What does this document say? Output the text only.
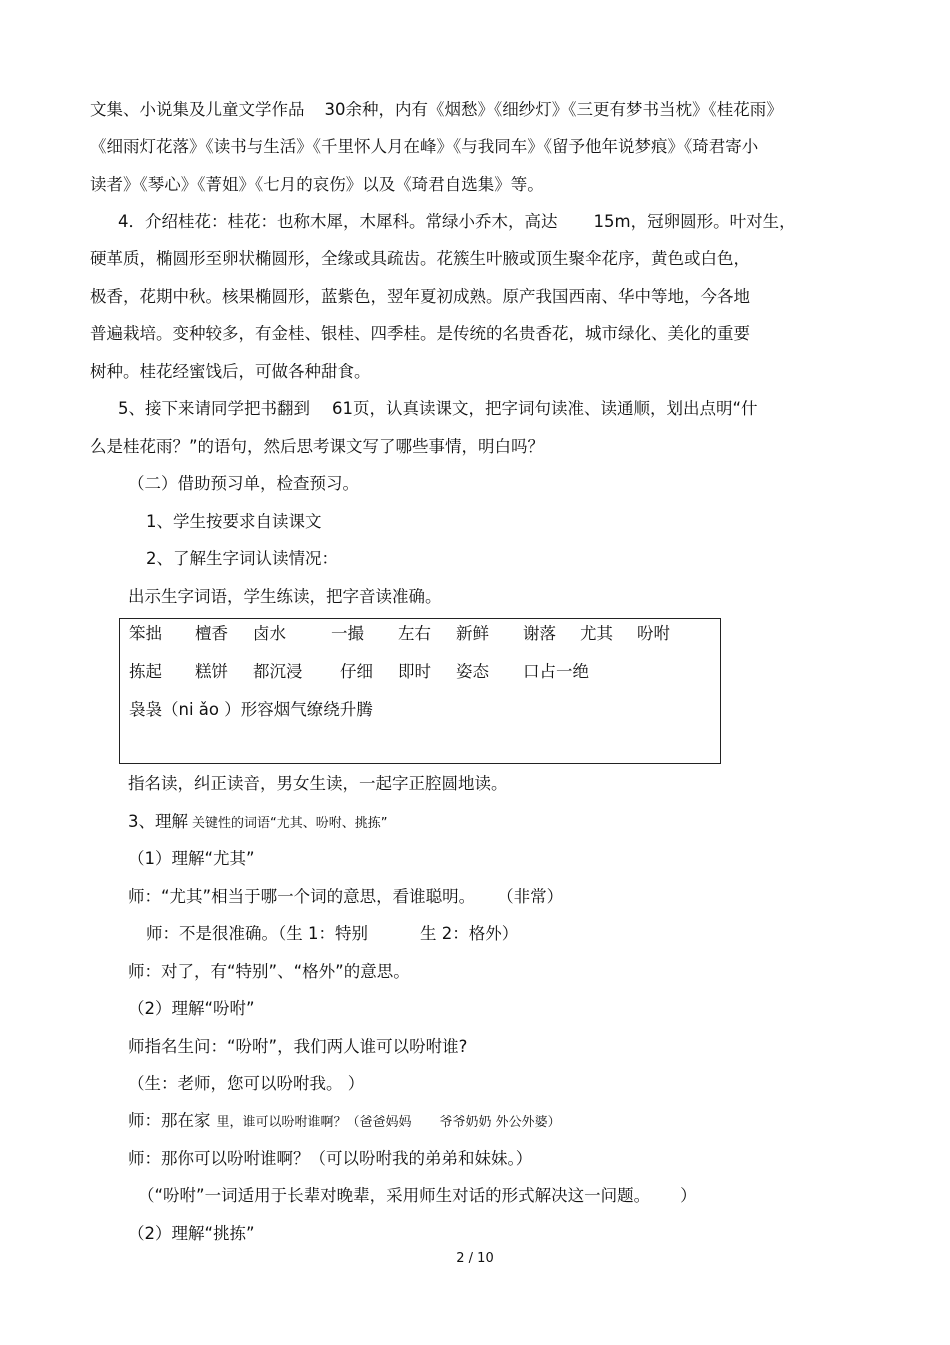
文集、小说集及儿童文学作品 30余种，内有《烟愁》《细纱灯》《三更有梦书当枕》《桂花雨》
《细雨灯花落》《读书与生活》《千里怀人月在峰》《与我同车》《留予他年说梦痕》《琦君寄小
读者》《琴心》《菁姐》《七月的哀伤》以及《琦君自选集》等。
4．介绍桂花：桂花：也称木犀，木犀科。常绿小乔木，高达 15m，冠卵圆形。叶对生，
硬革质，椭圆形至卵状椭圆形，全缘或具疏齿。花簇生叶腋或顶生聚伞花序，黄色或白色，
极香，花期中秋。核果椭圆形，蓝紫色，翌年夏初成熟。原产我国西南、华中等地，今各地
普遍栽培。变种较多，有金桂、银桂、四季桂。是传统的名贵香花，城市绿化、美化的重要
树种。桂花经蜜饯后，可做各种甜食。
5、接下来请同学把书翻到 61页，认真读课文，把字词句读准、读通顺，划出点明“什
么是桂花雨？”的语句，然后思考课文写了哪些事情，明白吗？
（二）借助预习单，检查预习。
1、学生按要求自读课文
2、了解生字词认读情况：
出示生字词语，学生练读，把字音读准确。
笨拙 檀香 卤水	一撮 左右 新鲜 谢落 尤其 吩咐
拣起 糕饼 都沉浸 仔细 即时 姿态 口占一绝
袅袅（ni ǎo ）形容烟气缭绕升腾
指名读，纠正读音，男女生读，一起字正腔圆地读。
3、理解 关键性的词语“尤其、吩咐、挑拣”
（1）理解“尤其”
师：“尤其”相当于哪一个词的意思，看谁聪明。 （非常）
师：不是很准确。（生 1：特别	生 2：格外）
师：对了，有“特别”、“格外”的意思。
（2）理解“吩咐”
师指名生问：“吩咐”，我们两人谁可以吩咐谁?
（生：老师，您可以吩咐我。 ）
师：那在家 里，谁可以吩咐谁啊？（爸爸妈妈 爷爷奶奶 外公外婆）
师：那你可以吩咐谁啊？（可以吩咐我的弟弟和妹妹。）
（“吩咐”一词适用于长辈对晚辈，采用师生对话的形式解决这一问题。 ）
（2）理解“挑拣”
2 / 10
